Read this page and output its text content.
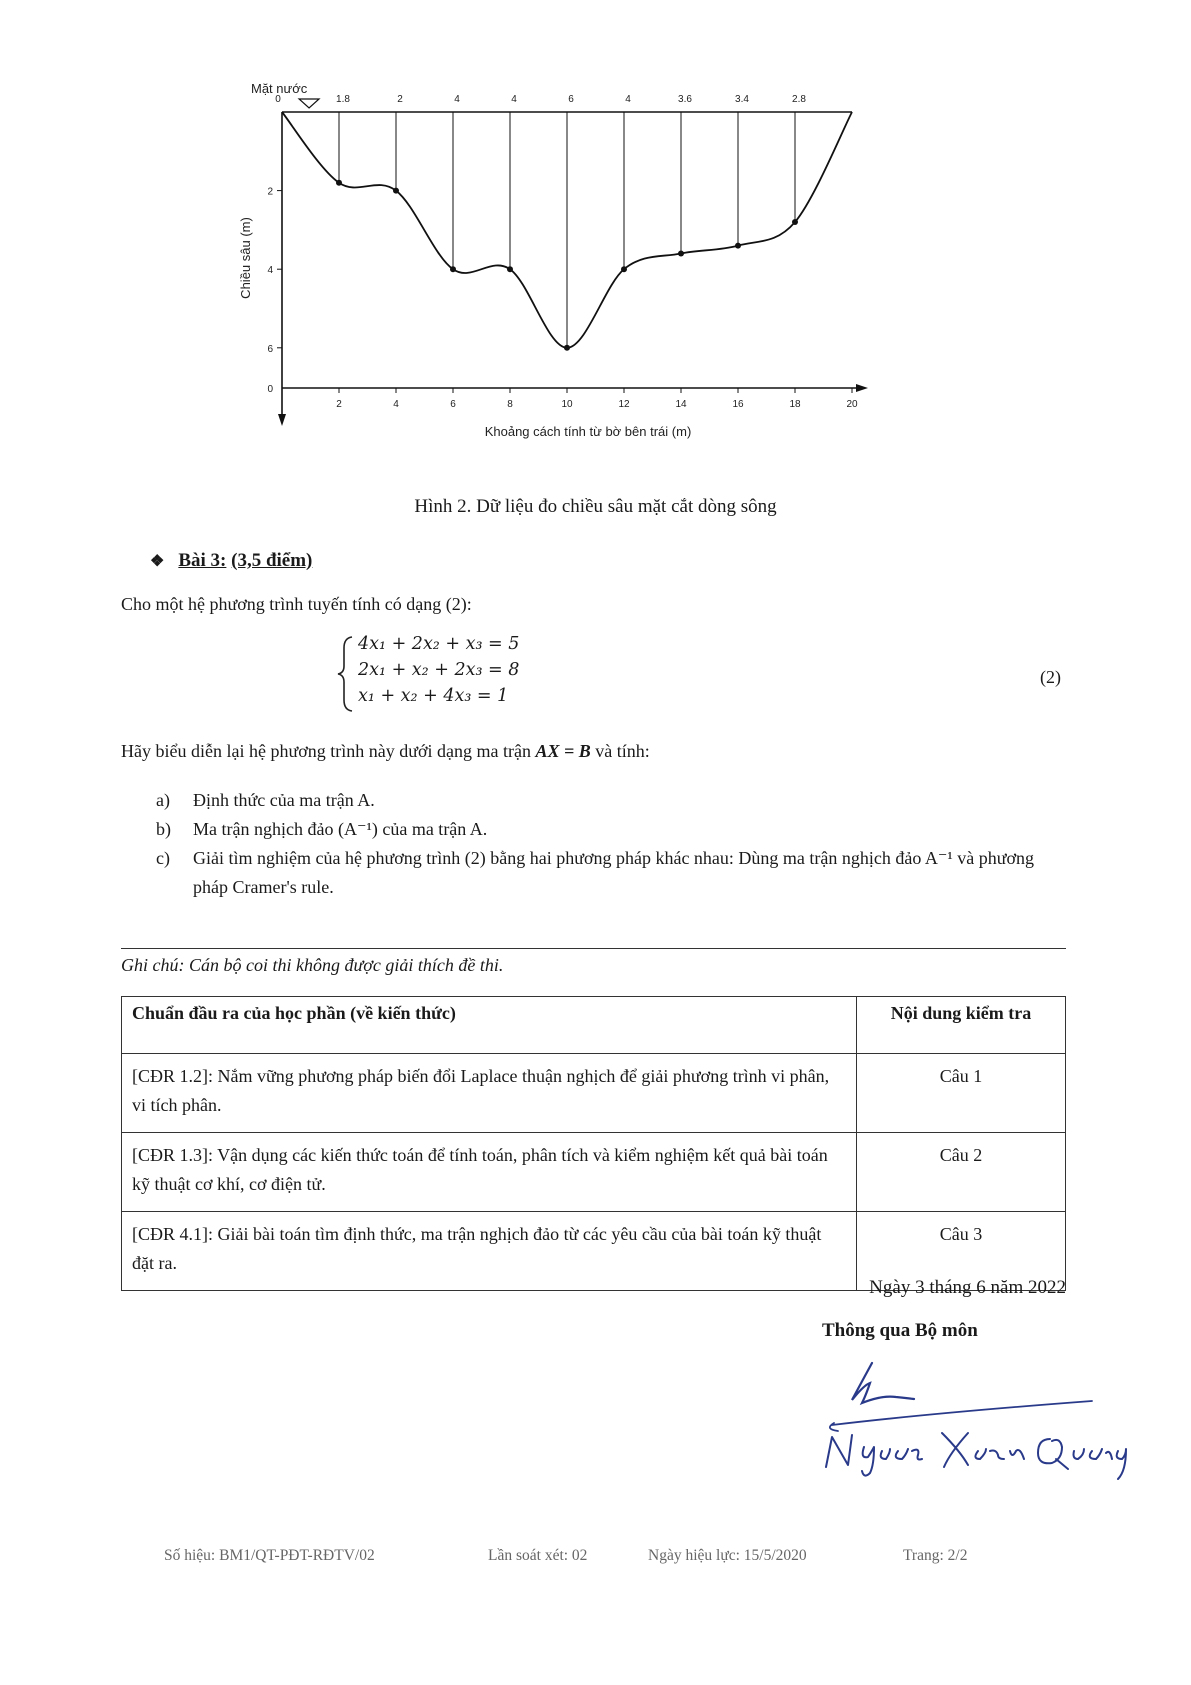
Mặt nước
Chiều sâu (m)
Khoảng cách tính từ bờ bên trái (m)
2
4
6
0
2	4	6	8	10	12	14	16	18	20
0	1.8	2	4	4	6	4	3.6	3.4	2.8
Hình 2. Dữ liệu đo chiều sâu mặt cắt dòng sông
❖ Bài 3: (3,5 điểm)
Cho một hệ phương trình tuyến tính có dạng (2):
4x₁ + 2x₂ + x₃ = 5
2x₁ + x₂ + 2x₃ = 8
x₁ + x₂ + 4x₃ = 1
(2)
Hãy biểu diễn lại hệ phương trình này dưới dạng ma trận AX = B và tính:
a)	Định thức của ma trận A.
b)	Ma trận nghịch đảo (A⁻¹) của ma trận A.
c)	Giải tìm nghiệm của hệ phương trình (2) bằng hai phương pháp khác nhau: Dùng ma trận nghịch đảo A⁻¹ và phương pháp Cramer's rule.
Ghi chú: Cán bộ coi thi không được giải thích đề thi.
Chuẩn đầu ra của học phần (về kiến thức)	Nội dung kiểm tra
[CĐR 1.2]: Nắm vững phương pháp biến đổi Laplace thuận nghịch để giải phương trình vi phân, vi tích phân.	Câu 1
[CĐR 1.3]: Vận dụng các kiến thức toán để tính toán, phân tích và kiểm nghiệm kết quả bài toán kỹ thuật cơ khí, cơ điện tử.	Câu 2
[CĐR 4.1]: Giải bài toán tìm định thức, ma trận nghịch đảo từ các yêu cầu của bài toán kỹ thuật đặt ra.	Câu 3
Ngày 3 tháng 6 năm 2022
Thông qua Bộ môn
Số hiệu: BM1/QT-PĐT-RĐTV/02	Lần soát xét: 02	Ngày hiệu lực: 15/5/2020	Trang: 2/2
